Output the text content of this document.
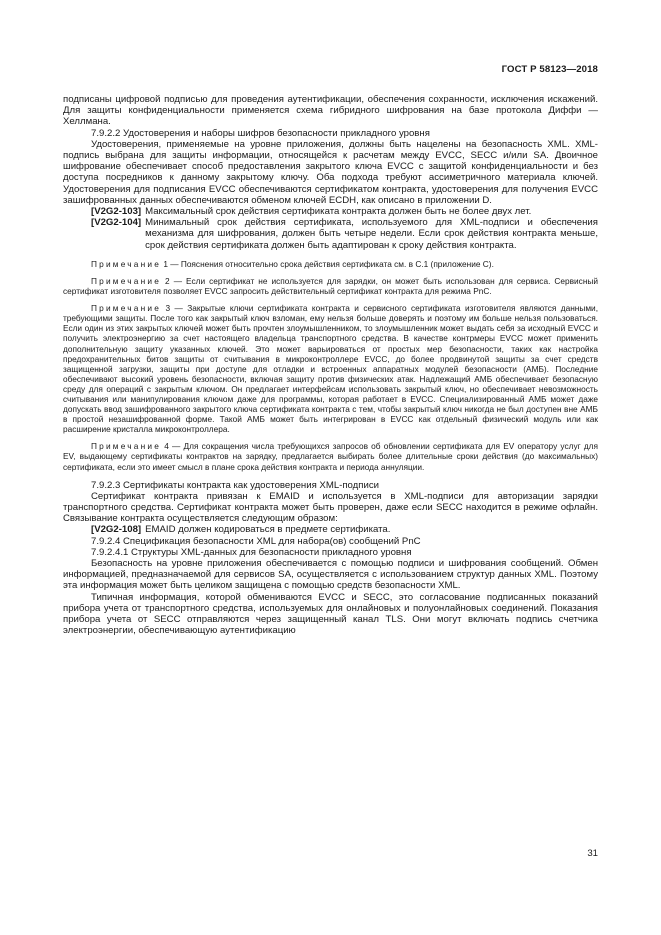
ГОСТ Р 58123—2018

подписаны цифровой подписью для проведения аутентификации, обеспечения сохранности, исключения искажений. Для защиты конфиденциальности применяется схема гибридного шифрования на базе протокола Диффи — Хеллмана.

7.9.2.2 Удостоверения и наборы шифров безопасности прикладного уровня

Удостоверения, применяемые на уровне приложения, должны быть нацелены на безопасность XML. XML-подпись выбрана для защиты информации, относящейся к расчетам между EVCC, SECC и/или SA. Двоичное шифрование обеспечивает способ предоставления закрытого ключа EVCC с защитой конфиденциальности и без доступа посредников к данному закрытому ключу. Оба подхода требуют ассиметричного материала ключей. Удостоверения для подписания EVCC обеспечиваются сертификатом контракта, удостоверения для получения EVCC зашифрованных данных обеспечиваются обменом ключей ECDH, как описано в приложении D.

[V2G2-103] Максимальный срок действия сертификата контракта должен быть не более двух лет.
[V2G2-104] Минимальный срок действия сертификата, используемого для XML-подписи и обеспечения механизма для шифрования, должен быть четыре недели. Если срок действия контракта меньше, срок действия сертификата должен быть адаптирован к сроку действия контракта.

Примечание 1 — Пояснения относительно срока действия сертификата см. в С.1 (приложение С).

Примечание 2 — Если сертификат не используется для зарядки, он может быть использован для сервиса. Сервисный сертификат изготовителя позволяет EVCC запросить действительный сертификат контракта для режима PnC.

Примечание 3 — Закрытые ключи сертификата контракта и сервисного сертификата изготовителя являются данными, требующими защиты. После того как закрытый ключ взломан, ему нельзя больше доверять и поэтому им больше нельзя пользоваться. Если один из этих закрытых ключей может быть прочтен злоумышленником, то злоумышленник может выдать себя за исходный EVCC и получить электроэнергию за счет настоящего владельца транспортного средства. В качестве контрмеры EVCC может применить дополнительную защиту указанных ключей. Это может варьироваться от простых мер безопасности, таких как настройка предохранительных битов защиты от считывания в микроконтроллере EVCC, до более продвинутой защиты за счет средств защищенной загрузки, защиты при доступе для отладки и встроенных аппаратных модулей безопасности (АМБ). Последние обеспечивают высокий уровень безопасности, включая защиту против физических атак. Надлежащий АМБ обеспечивает безопасную среду для операций с закрытым ключом. Он предлагает интерфейсам использовать закрытый ключ, но обеспечивает невозможность считывания или манипулирования ключом даже для программы, которая работает в EVCC. Специализированный АМБ может даже допускать ввод зашифрованного закрытого ключа сертификата контракта с тем, чтобы закрытый ключ никогда не был доступен вне АМБ в простой незашифрованной форме. Такой АМБ может быть интегрирован в EVCC как отдельный физический модуль или как расширение кристалла микроконтроллера.

Примечание 4 — Для сокращения числа требующихся запросов об обновлении сертификата для EV оператору услуг для EV, выдающему сертификаты контрактов на зарядку, предлагается выбирать более длительные сроки действия (до максимальных) сертификата, если это имеет смысл в плане срока действия контракта и периода аннуляции.

7.9.2.3 Сертификаты контракта как удостоверения XML-подписи

Сертификат контракта привязан к EMAID и используется в XML-подписи для авторизации зарядки транспортного средства. Сертификат контракта может быть проверен, даже если SECC находится в режиме офлайн. Связывание контракта осуществляется следующим образом:

[V2G2-108] EMAID должен кодироваться в предмете сертификата.

7.9.2.4 Спецификация безопасности XML для набора(ов) сообщений PnC

7.9.2.4.1 Структуры XML-данных для безопасности прикладного уровня

Безопасность на уровне приложения обеспечивается с помощью подписи и шифрования сообщений. Обмен информацией, предназначаемой для сервисов SA, осуществляется с использованием структур данных XML. Поэтому эта информация может быть целиком защищена с помощью средств безопасности XML.

Типичная информация, которой обмениваются EVCC и SECC, это согласование подписанных показаний прибора учета от транспортного средства, используемых для онлайновых и полуонлайновых соединений. Показания прибора учета от SECC отправляются через защищенный канал TLS. Они могут включать подпись счетчика электроэнергии, обеспечивающую аутентификацию

31
